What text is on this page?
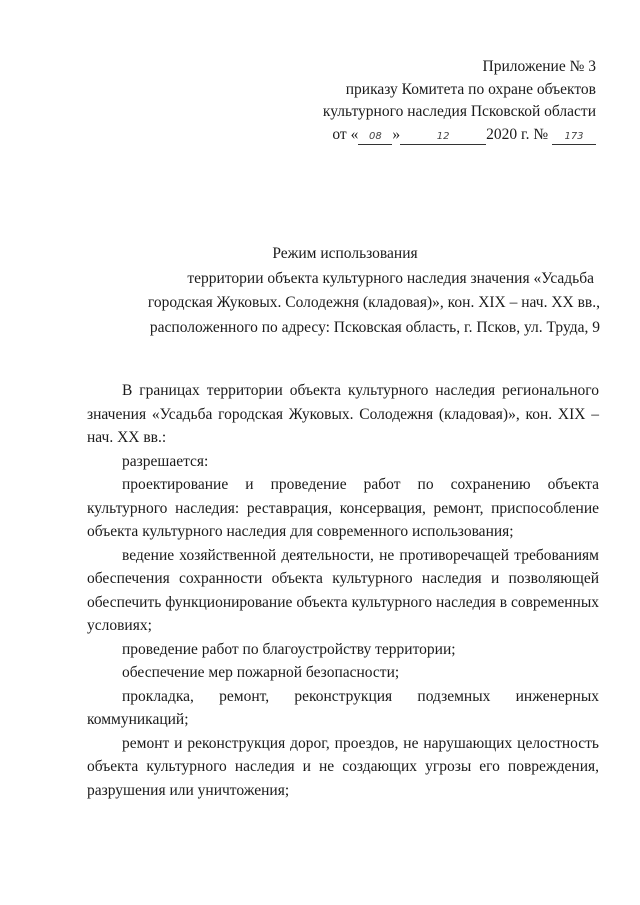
Приложение № 3
приказу Комитета по охране объектов
культурного наследия Псковской области
от « 08 »	12 2020 г. № 173
Режим использования
территории объекта культурного наследия значения «Усадьба
городская Жуковых. Солодежня (кладовая)», кон. XIX – нач. XX вв.,
расположенного по адресу: Псковская область, г. Псков, ул. Труда, 9

В границах территории объекта культурного наследия регионального значения «Усадьба городская Жуковых. Солодежня (кладовая)», кон. XIX – нач. XX вв.:

разрешается:

проектирование и проведение работ по сохранению объекта культурного наследия: реставрация, консервация, ремонт, приспособление объекта культурного наследия для современного использования;

ведение хозяйственной деятельности, не противоречащей требованиям обеспечения сохранности объекта культурного наследия и позволяющей обеспечить функционирование объекта культурного наследия в современных условиях;

проведение работ по благоустройству территории;

обеспечение мер пожарной безопасности;

прокладка, ремонт, реконструкция подземных инженерных коммуникаций;

ремонт и реконструкция дорог, проездов, не нарушающих целостность объекта культурного наследия и не создающих угрозы его повреждения, разрушения или уничтожения;
